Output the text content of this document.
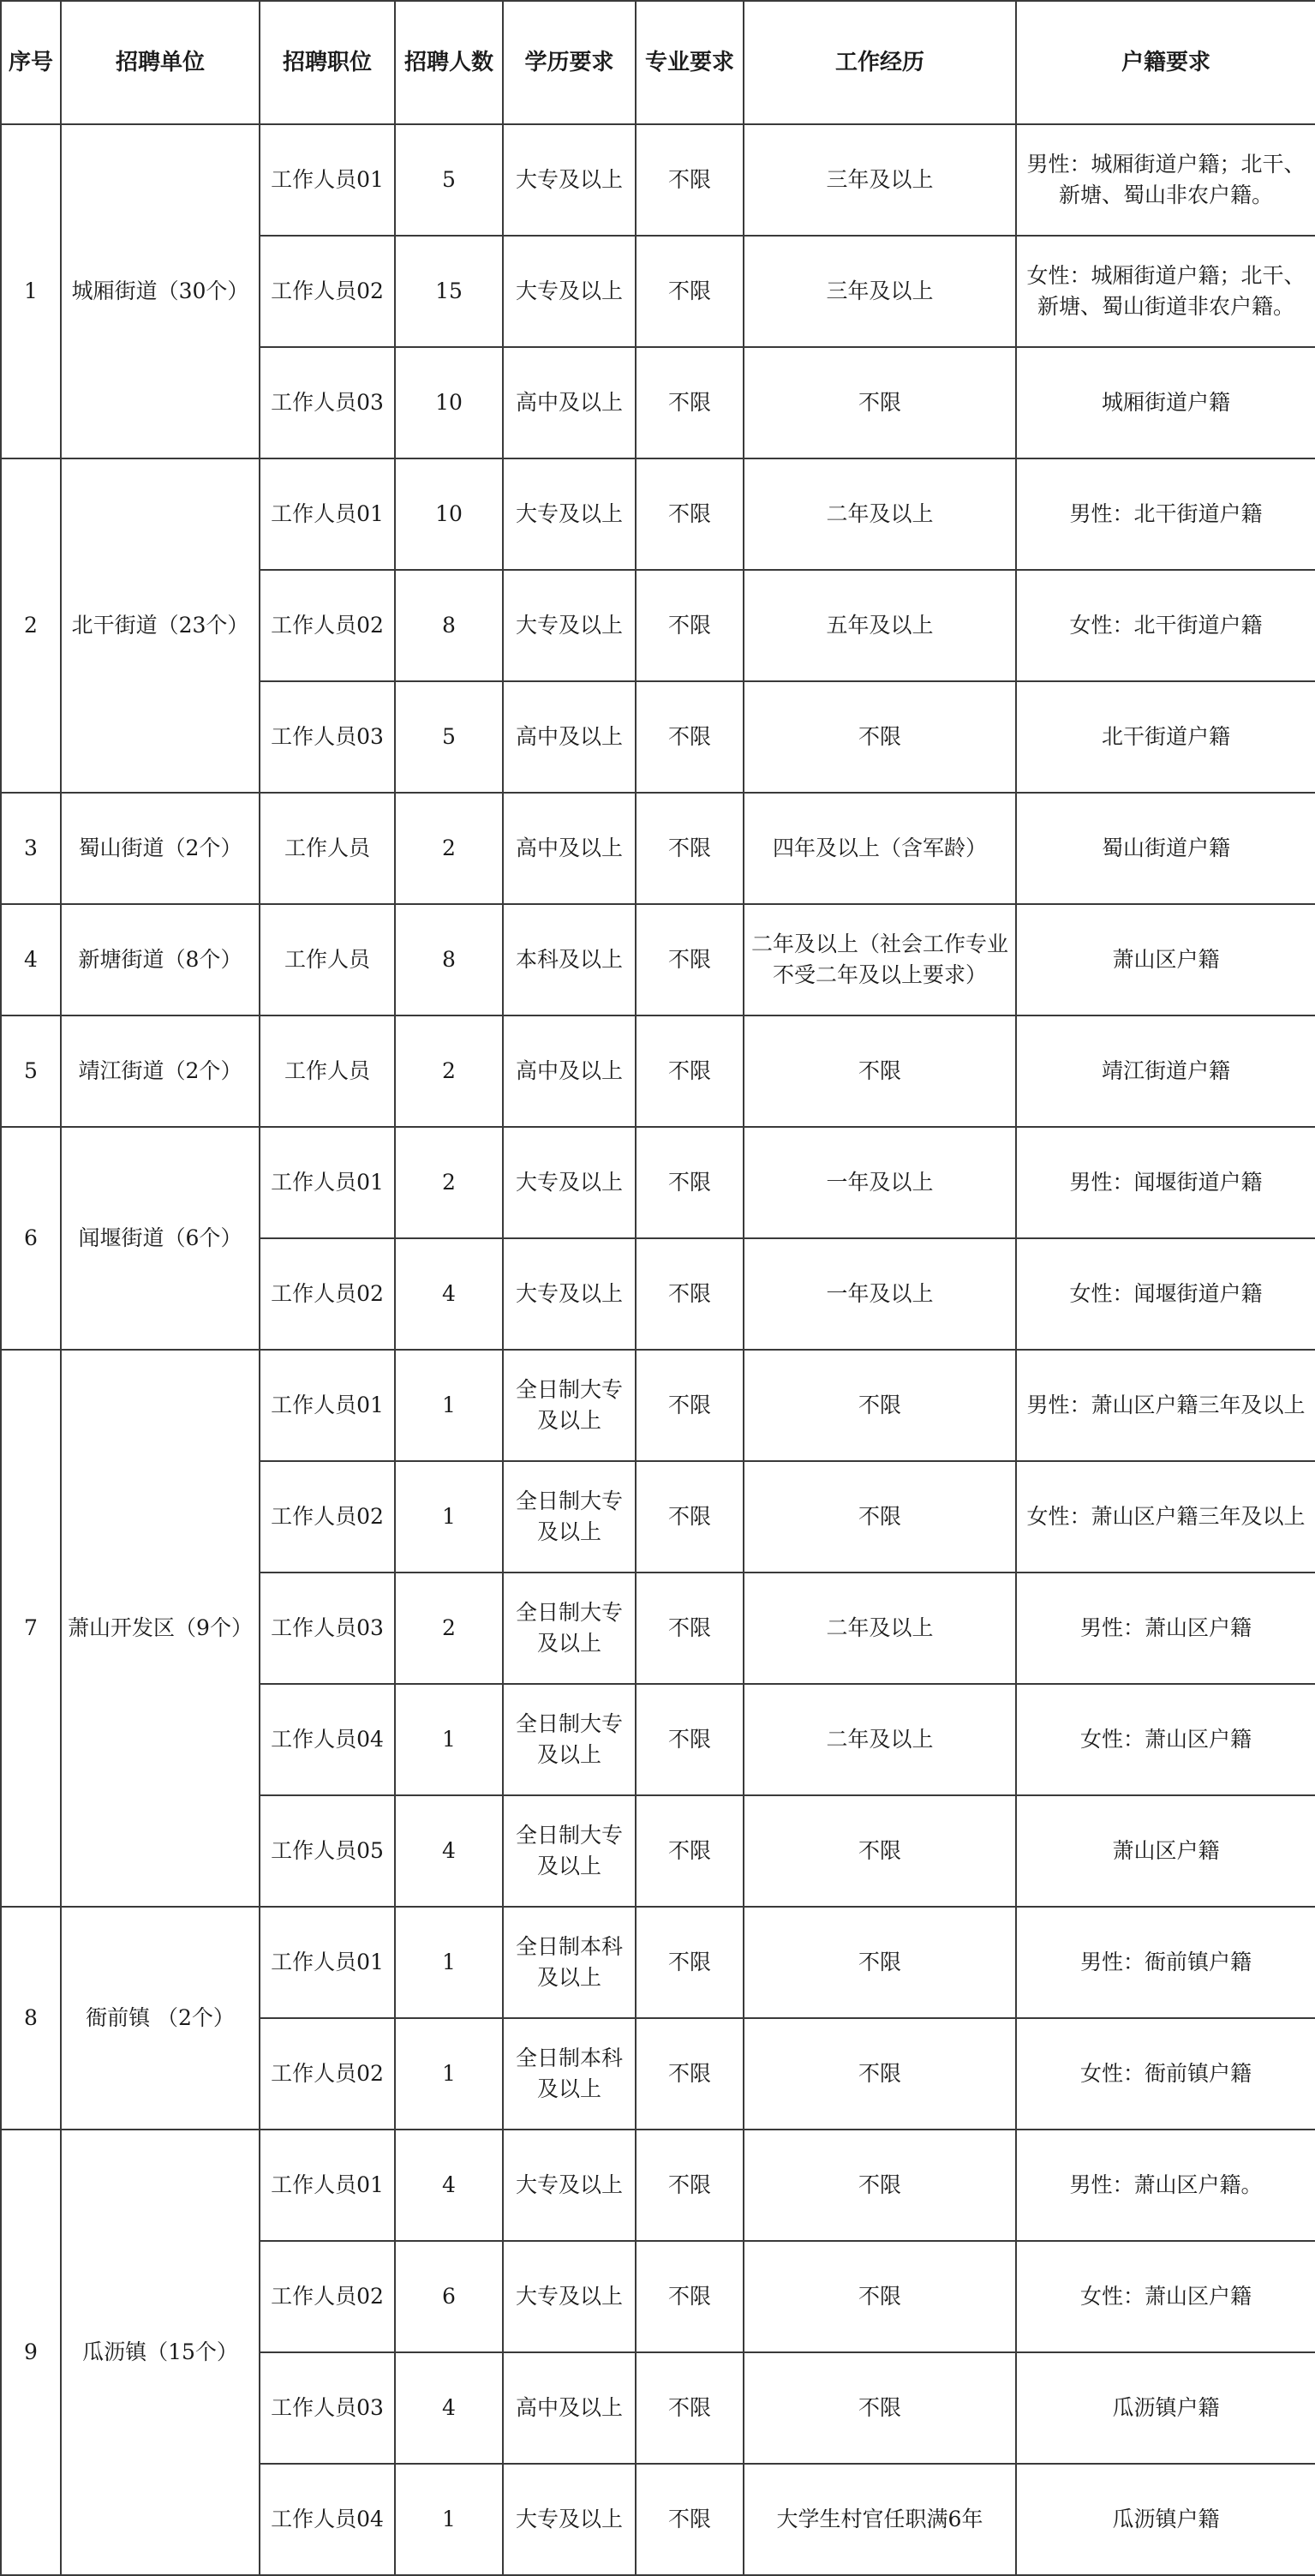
序号	招聘单位	招聘职位	招聘人数	学历要求	专业要求	工作经历	户籍要求
1	城厢街道（30个）	工作人员01	5	大专及以上	不限	三年及以上	男性：城厢街道户籍；北干、新塘、蜀山非农户籍。
		工作人员02	15	大专及以上	不限	三年及以上	女性：城厢街道户籍；北干、新塘、蜀山街道非农户籍。
		工作人员03	10	高中及以上	不限	不限	城厢街道户籍
2	北干街道（23个）	工作人员01	10	大专及以上	不限	二年及以上	男性：北干街道户籍
		工作人员02	8	大专及以上	不限	五年及以上	女性：北干街道户籍
		工作人员03	5	高中及以上	不限	不限	北干街道户籍
3	蜀山街道（2个）	工作人员	2	高中及以上	不限	四年及以上（含军龄）	蜀山街道户籍
4	新塘街道（8个）	工作人员	8	本科及以上	不限	二年及以上（社会工作专业不受二年及以上要求）	萧山区户籍
5	靖江街道（2个）	工作人员	2	高中及以上	不限	不限	靖江街道户籍
6	闻堰街道（6个）	工作人员01	2	大专及以上	不限	一年及以上	男性：闻堰街道户籍
		工作人员02	4	大专及以上	不限	一年及以上	女性：闻堰街道户籍
7	萧山开发区（9个）	工作人员01	1	全日制大专及以上	不限	不限	男性：萧山区户籍三年及以上
		工作人员02	1	全日制大专及以上	不限	不限	女性：萧山区户籍三年及以上
		工作人员03	2	全日制大专及以上	不限	二年及以上	男性：萧山区户籍
		工作人员04	1	全日制大专及以上	不限	二年及以上	女性：萧山区户籍
		工作人员05	4	全日制大专及以上	不限	不限	萧山区户籍
8	衙前镇 （2个）	工作人员01	1	全日制本科及以上	不限	不限	男性：衙前镇户籍
		工作人员02	1	全日制本科及以上	不限	不限	女性：衙前镇户籍
9	瓜沥镇（15个）	工作人员01	4	大专及以上	不限	不限	男性：萧山区户籍。
		工作人员02	6	大专及以上	不限	不限	女性：萧山区户籍
		工作人员03	4	高中及以上	不限	不限	瓜沥镇户籍
		工作人员04	1	大专及以上	不限	大学生村官任职满6年	瓜沥镇户籍
